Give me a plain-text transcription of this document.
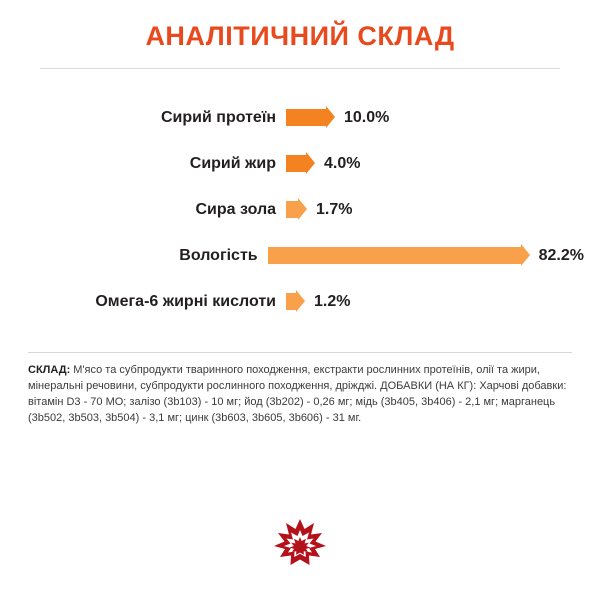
АНАЛІТИЧНИЙ СКЛАД
Сирий протеїн	10.0%
Сирий жир	4.0%
Сира зола	1.7%
Вологість	82.2%
Омега-6 жирні кислоти	1.2%
СКЛАД: М'ясо та субпродукти тваринного походження, екстракти рослинних протеїнів, олії та жири, мінеральні речовини, субпродукти рослинного походження, дріжджі. ДОБАВКИ (НА КГ): Харчові добавки: вітамін D3 - 70 МО; залізо (3b103) - 10 мг; йод (3b202) - 0,26 мг; мідь (3b405, 3b406) - 2,1 мг; марганець (3b502, 3b503, 3b504) - 3,1 мг; цинк (3b603, 3b605, 3b606) - 31 мг.
